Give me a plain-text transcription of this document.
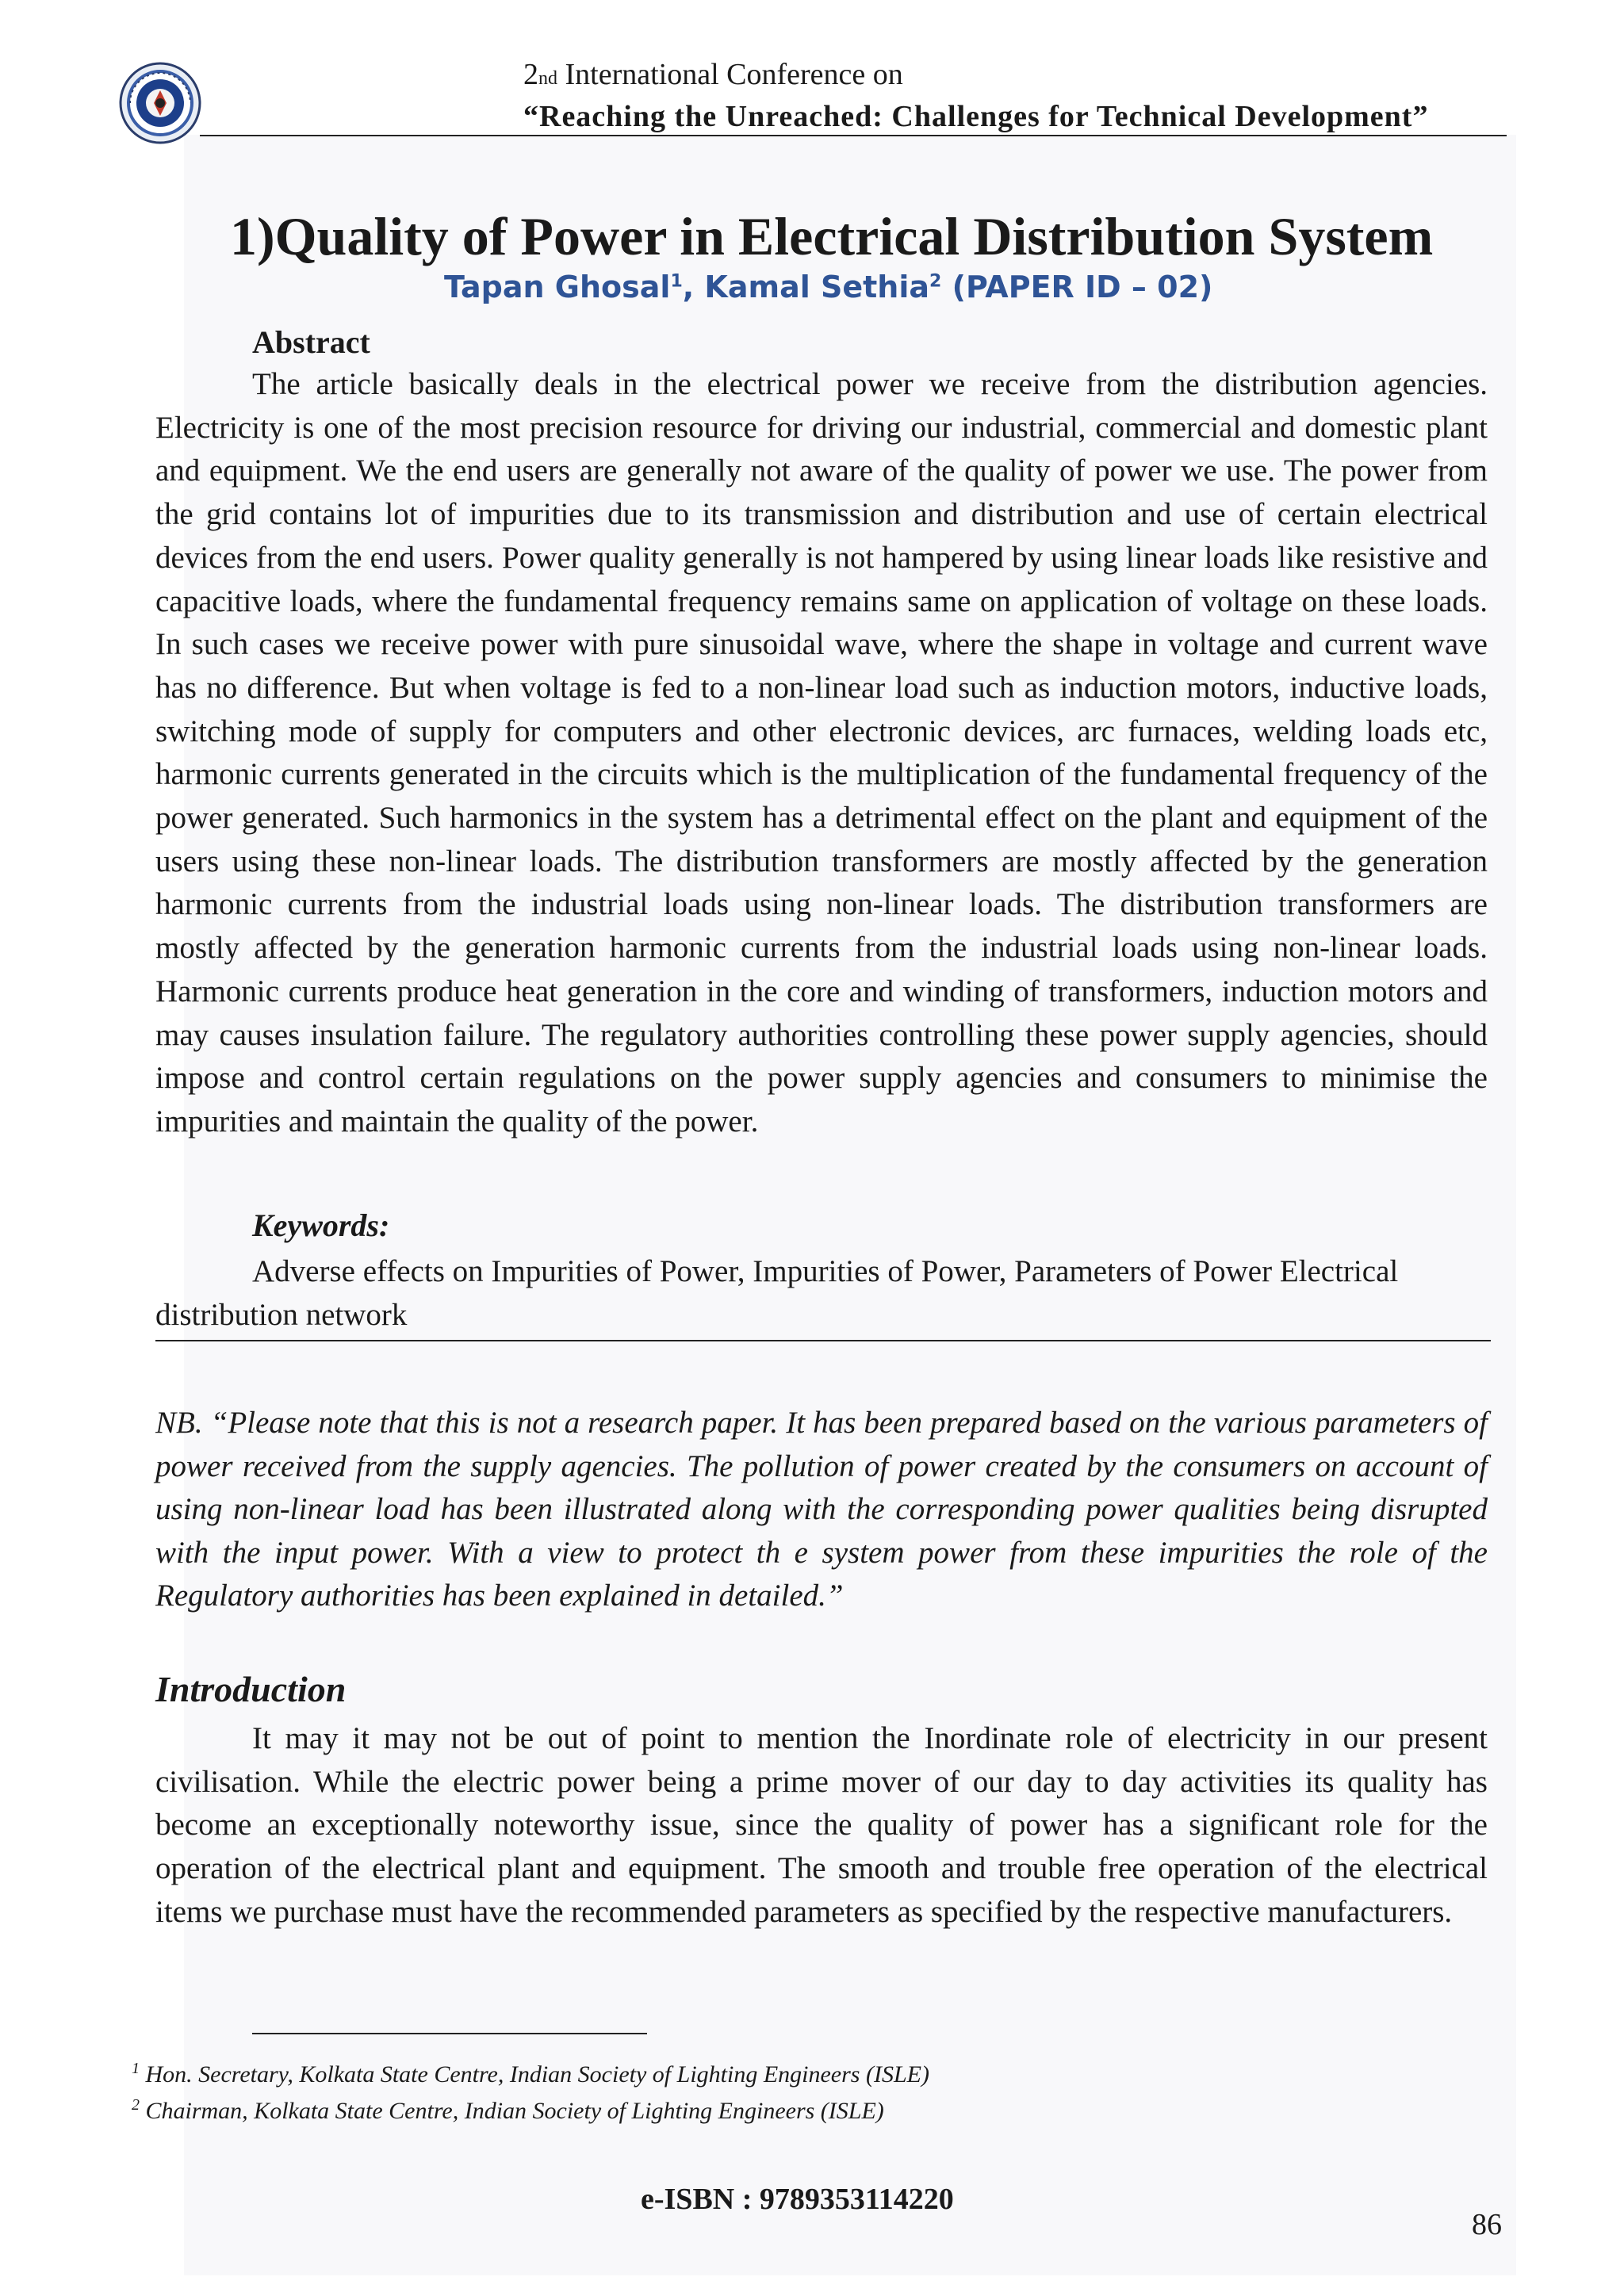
2nd International Conference on
“Reaching the Unreached: Challenges for Technical Development”
1)Quality of Power in Electrical Distribution System
Tapan Ghosal$^1$, Kamal Sethia$^2$ (PAPER ID – 02)
Abstract

The article basically deals in the electrical power we receive from the distribution agencies. Electricity is one of the most precision resource for driving our industrial, commercial and domestic plant and equipment. We the end users are generally not aware of the quality of power we use. The power from the grid contains lot of impurities due to its transmission and distribution and use of certain electrical devices from the end users. Power quality generally is not hampered by using linear loads like resistive and capacitive loads, where the fundamental frequency remains same on application of voltage on these loads. In such cases we receive power with pure sinusoidal wave, where the shape in voltage and current wave has no difference. But when voltage is fed to a non-linear load such as induction motors, inductive loads, switching mode of supply for computers and other electronic devices, arc furnaces, welding loads etc, harmonic currents generated in the circuits which is the multiplication of the fundamental frequency of the power generated. Such harmonics in the system has a detrimental effect on the plant and equipment of the users using these non-linear loads. The distribution transformers are mostly affected by the generation harmonic currents from the industrial loads using non-linear loads. The distribution transformers are mostly affected by the generation harmonic currents from the industrial loads using non-linear loads. Harmonic currents produce heat generation in the core and winding of transformers, induction motors and may causes insulation failure. The regulatory authorities controlling these power supply agencies, should impose and control certain regulations on the power supply agencies and consumers to minimise the impurities and maintain the quality of the power.

Keywords:

Adverse effects on Impurities of Power, Impurities of Power, Parameters of Power Electrical distribution network

NB. “Please note that this is not a research paper. It has been prepared based on the various parameters of power received from the supply agencies. The pollution of power created by the consumers on account of using non-linear load has been illustrated along with the corresponding power qualities being disrupted with the input power. With a view to protect th e system power from these impurities the role of the Regulatory authorities has been explained in detailed.”

Introduction

It may it may not be out of point to mention the Inordinate role of electricity in our present civilisation. While the electric power being a prime mover of our day to day activities its quality has become an exceptionally noteworthy issue, since the quality of power has a significant role for the operation of the electrical plant and equipment. The smooth and trouble free operation of the electrical items we purchase must have the recommended parameters as specified by the respective manufacturers.

$^1$ Hon. Secretary, Kolkata State Centre, Indian Society of Lighting Engineers (ISLE)
$^2$ Chairman, Kolkata State Centre, Indian Society of Lighting Engineers (ISLE)
e-ISBN : 9789353114220
86
